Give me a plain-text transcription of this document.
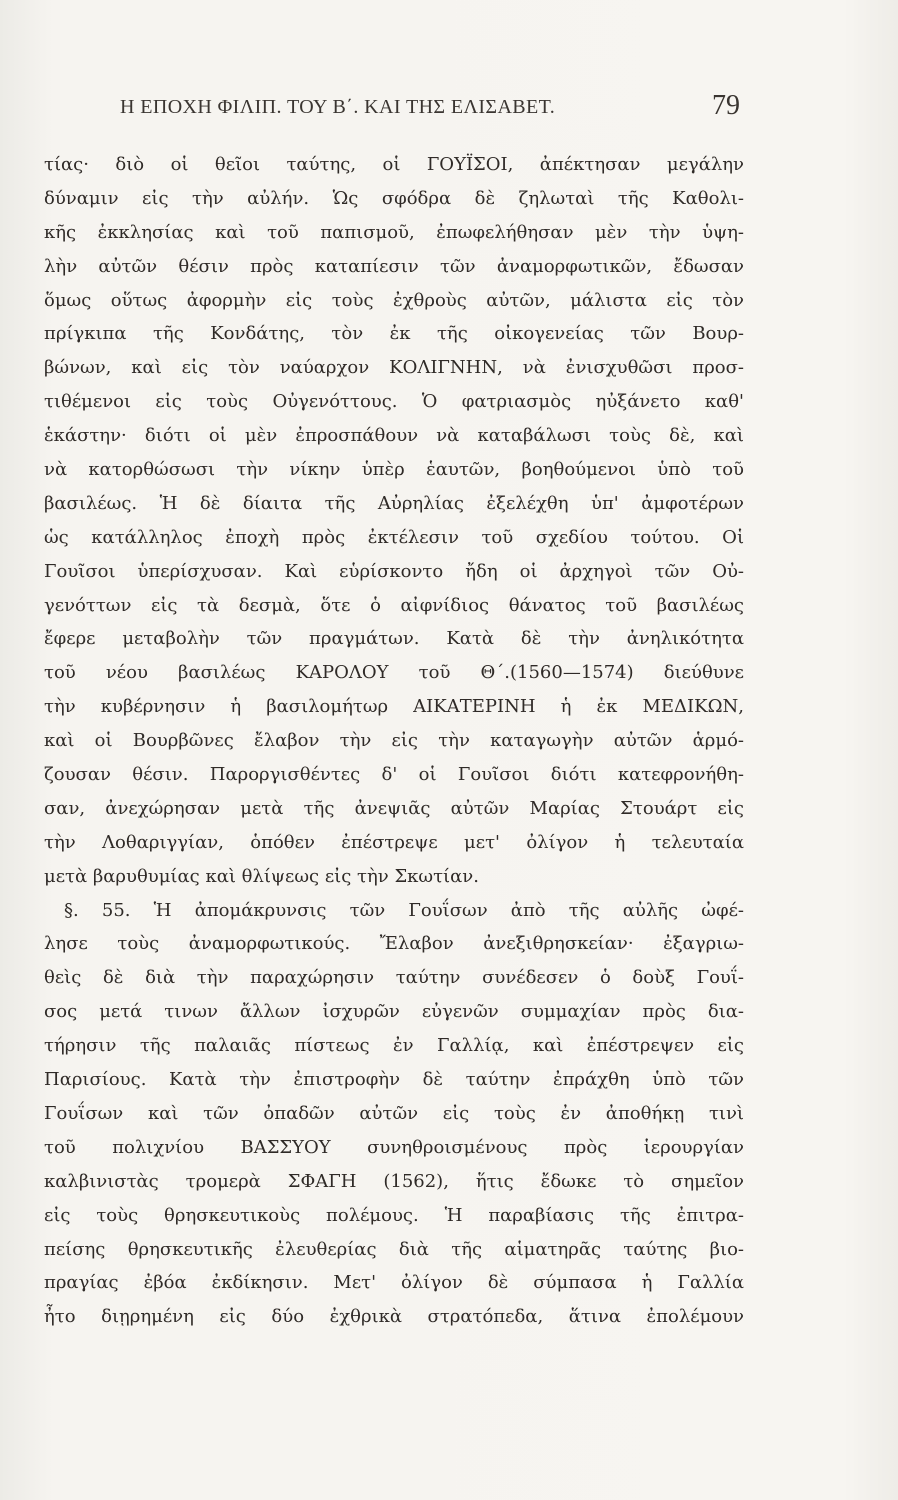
Η ΕΠΟΧΗ ΦΙΛΙΠ. ΤΟΥ Β΄. ΚΑΙ ΤΗΣ ΕΛΙΣΑΒΕΤ.	79
τίας· διὸ οἱ θεῖοι ταύτης, οἱ ΓΟΥΪΣΟΙ, ἀπέκτησαν μεγάλην
δύναμιν εἰς τὴν αὐλήν. Ὡς σφόδρα δὲ ζηλωταὶ τῆς Καθολι-
κῆς ἐκκλησίας καὶ τοῦ παπισμοῦ, ἐπωφελήθησαν μὲν τὴν ὑψη-
λὴν αὐτῶν θέσιν πρὸς καταπίεσιν τῶν ἀναμορφωτικῶν, ἔδωσαν
ὅμως οὕτως ἀφορμὴν εἰς τοὺς ἐχθροὺς αὐτῶν, μάλιστα εἰς τὸν
πρίγκιπα τῆς Κονδάτης, τὸν ἐκ τῆς οἰκογενείας τῶν Βουρ-
βώνων, καὶ εἰς τὸν ναύαρχον ΚΟΛΙΓΝΗΝ, νὰ ἐνισχυθῶσι προσ-
τιθέμενοι εἰς τοὺς Οὐγενόττους. Ὁ φατριασμὸς ηὐξάνετο καθ'
ἑκάστην· διότι οἱ μὲν ἐπροσπάθουν νὰ καταβάλωσι τοὺς δὲ, καὶ
νὰ κατορθώσωσι τὴν νίκην ὑπὲρ ἑαυτῶν, βοηθούμενοι ὑπὸ τοῦ
βασιλέως. Ἡ δὲ δίαιτα τῆς Αὐρηλίας ἐξελέχθη ὑπ' ἀμφοτέρων
ὡς κατάλληλος ἐποχὴ πρὸς ἐκτέλεσιν τοῦ σχεδίου τούτου. Οἱ
Γουῖσοι ὑπερίσχυσαν. Καὶ εὑρίσκοντο ἤδη οἱ ἀρχηγοὶ τῶν Οὐ-
γενόττων εἰς τὰ δεσμὰ, ὅτε ὁ αἰφνίδιος θάνατος τοῦ βασιλέως
ἔφερε μεταβολὴν τῶν πραγμάτων. Κατὰ δὲ τὴν ἀνηλικότητα
τοῦ νέου βασιλέως ΚΑΡΟΛΟΥ τοῦ Θ΄.(1560—1574) διεύθυνε
τὴν κυβέρνησιν ἡ βασιλομήτωρ ΑΙΚΑΤΕΡΙΝΗ ἡ ἐκ ΜΕΔΙΚΩΝ,
καὶ οἱ Βουρβῶνες ἔλαβον τὴν εἰς τὴν καταγωγὴν αὐτῶν ἁρμό-
ζουσαν θέσιν. Παροργισθέντες δ' οἱ Γουῖσοι διότι κατεφρονήθη-
σαν, ἀνεχώρησαν μετὰ τῆς ἀνεψιᾶς αὐτῶν Μαρίας Στουάρτ εἰς
τὴν Λοθαριγγίαν, ὁπόθεν ἐπέστρεψε μετ' ὀλίγον ἡ τελευταία
μετὰ βαρυθυμίας καὶ θλίψεως εἰς τὴν Σκωτίαν.
§. 55. Ἡ ἀπομάκρυνσις τῶν Γουΐσων ἀπὸ τῆς αὐλῆς ὠφέ-
λησε τοὺς ἀναμορφωτικούς. Ἔλαβον ἀνεξιθρησκείαν· ἐξαγριω-
θεὶς δὲ διὰ τὴν παραχώρησιν ταύτην συνέδεσεν ὁ δοὺξ Γουΐ-
σος μετά τινων ἄλλων ἰσχυρῶν εὐγενῶν συμμαχίαν πρὸς δια-
τήρησιν τῆς παλαιᾶς πίστεως ἐν Γαλλίᾳ, καὶ ἐπέστρεψεν εἰς
Παρισίους. Κατὰ τὴν ἐπιστροφὴν δὲ ταύτην ἐπράχθη ὑπὸ τῶν
Γουΐσων καὶ τῶν ὀπαδῶν αὐτῶν εἰς τοὺς ἐν ἀποθήκῃ τινὶ
τοῦ πολιχνίου ΒΑΣΣΥΟΥ συνηθροισμένους πρὸς ἱερουργίαν
καλβινιστὰς τρομερὰ ΣΦΑΓΗ (1562), ἥτις ἔδωκε τὸ σημεῖον
εἰς τοὺς θρησκευτικοὺς πολέμους. Ἡ παραβίασις τῆς ἐπιτρα-
πείσης θρησκευτικῆς ἐλευθερίας διὰ τῆς αἱματηρᾶς ταύτης βιο-
πραγίας ἐβόα ἐκδίκησιν. Μετ' ὀλίγον δὲ σύμπασα ἡ Γαλλία
ἦτο διῃρημένη εἰς δύο ἐχθρικὰ στρατόπεδα, ἅτινα ἐπολέμουν
